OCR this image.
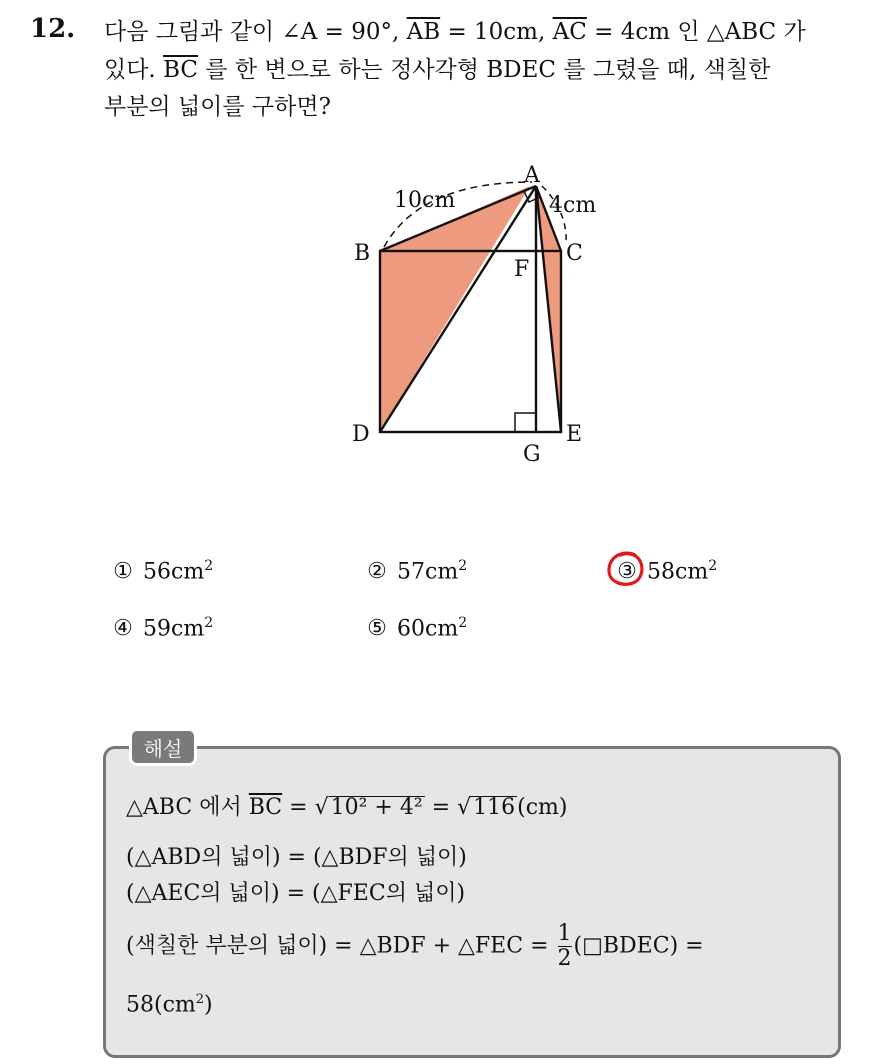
12. 다음 그림과 같이 ∠A = 90°, $\overline{AB} = 10cm$, $\overline{AC} = 4cm$ 인 △ABC 가
있다. $\overline{BC}$ 를 한 변으로 하는 정사각형 BDEC 를 그렸을 때, 색칠한
부분의 넓이를 구하면?
A
B	C
D	E
F
G
10cm	4cm
① $56cm^2$	② $57cm^2$	③ $58cm^2$
④ $59cm^2$	⑤ $60cm^2$
해설
△ABC 에서 $\overline{BC} = √10^2 + 4^2 = √116(cm)$
(△ABD의 넓이) = (△BDF의 넓이)
(△AEC의 넓이) = (△FEC의 넓이)
(색칠한 부분의 넓이) = △BDF + △FEC = $\frac{1}{2}$ (□BDEC) =
$58(cm^2)$
